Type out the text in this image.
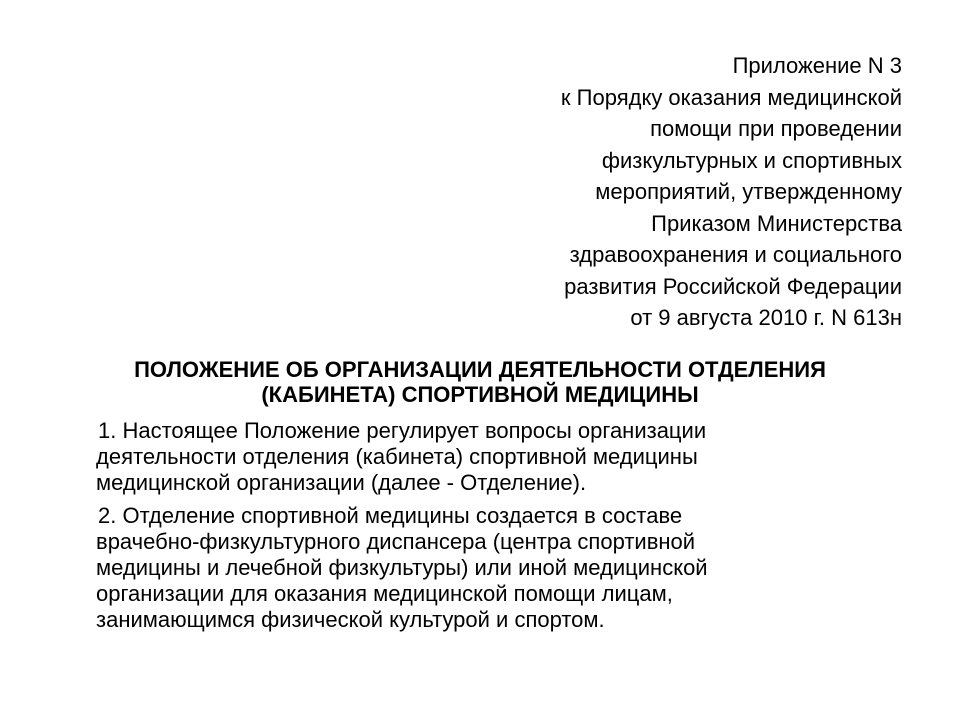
Приложение N 3
к Порядку оказания медицинской
помощи при проведении
физкультурных и спортивных
мероприятий, утвержденному
Приказом Министерства
здравоохранения и социального
развития Российской Федерации
от 9 августа 2010 г. N 613н
ПОЛОЖЕНИЕ ОБ ОРГАНИЗАЦИИ ДЕЯТЕЛЬНОСТИ ОТДЕЛЕНИЯ
(КАБИНЕТА) СПОРТИВНОЙ МЕДИЦИНЫ
1. Настоящее Положение регулирует вопросы организации
деятельности отделения (кабинета) спортивной медицины
медицинской организации (далее - Отделение).
2. Отделение спортивной медицины создается в составе
врачебно-физкультурного диспансера (центра спортивной
медицины и лечебной физкультуры) или иной медицинской
организации для оказания медицинской помощи лицам,
занимающимся физической культурой и спортом.
